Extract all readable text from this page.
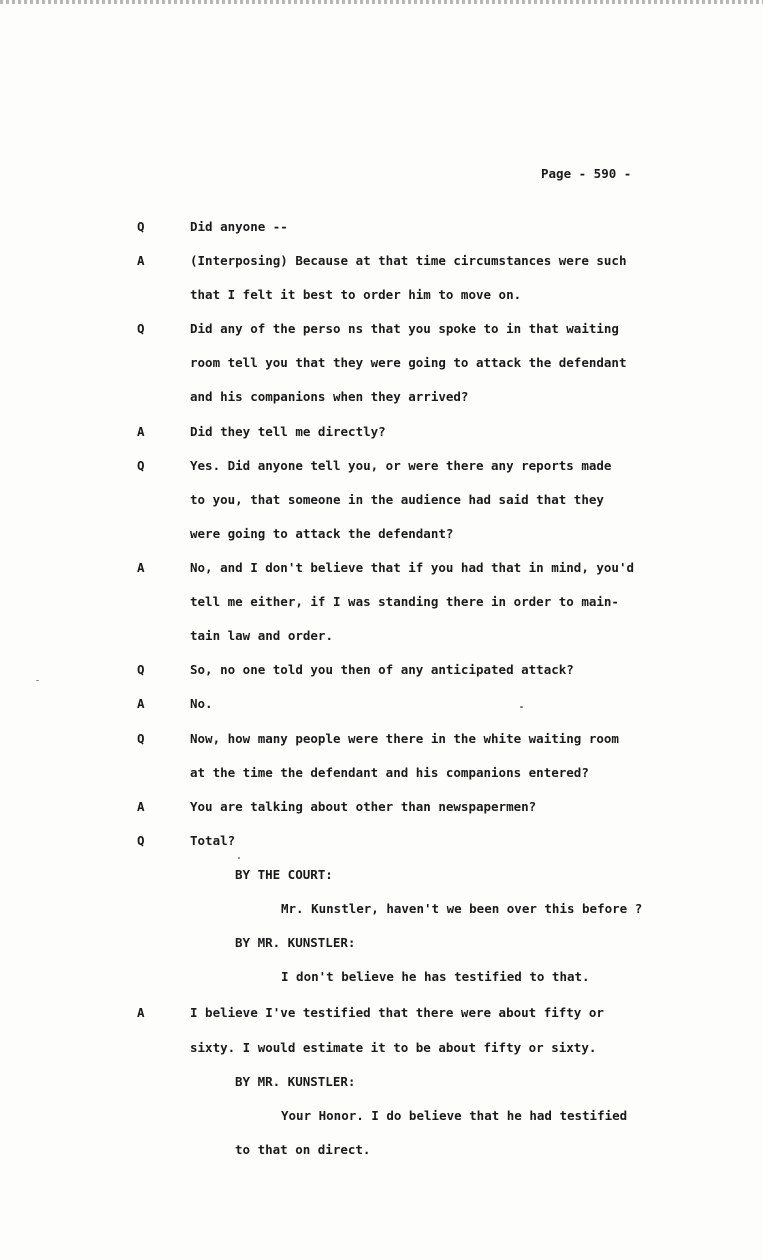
Page - 590 -
Q	Did anyone --
A	(Interposing) Because at that time circumstances were such
that I felt it best to order him to move on.
Q	Did any of the perso ns that you spoke to in that waiting
room tell you that they were going to attack the defendant
and his companions when they arrived?
A	Did they tell me directly?
Q	Yes. Did anyone tell you, or were there any reports made
to you, that someone in the audience had said that they
were going to attack the defendant?
A	No, and I don't believe that if you had that in mind, you'd
tell me either, if I was standing there in order to main-
tain law and order.
Q	So, no one told you then of any anticipated attack?
A	No.
Q	Now, how many people were there in the white waiting room
at the time the defendant and his companions entered?
A	You are talking about other than newspapermen?
Q	Total?
BY THE COURT:
Mr. Kunstler, haven't we been over this before ?
BY MR. KUNSTLER:
I don't believe he has testified to that.
A	I believe I've testified that there were about fifty or
sixty. I would estimate it to be about fifty or sixty.
BY MR. KUNSTLER:
Your Honor. I do believe that he had testified
to that on direct.
